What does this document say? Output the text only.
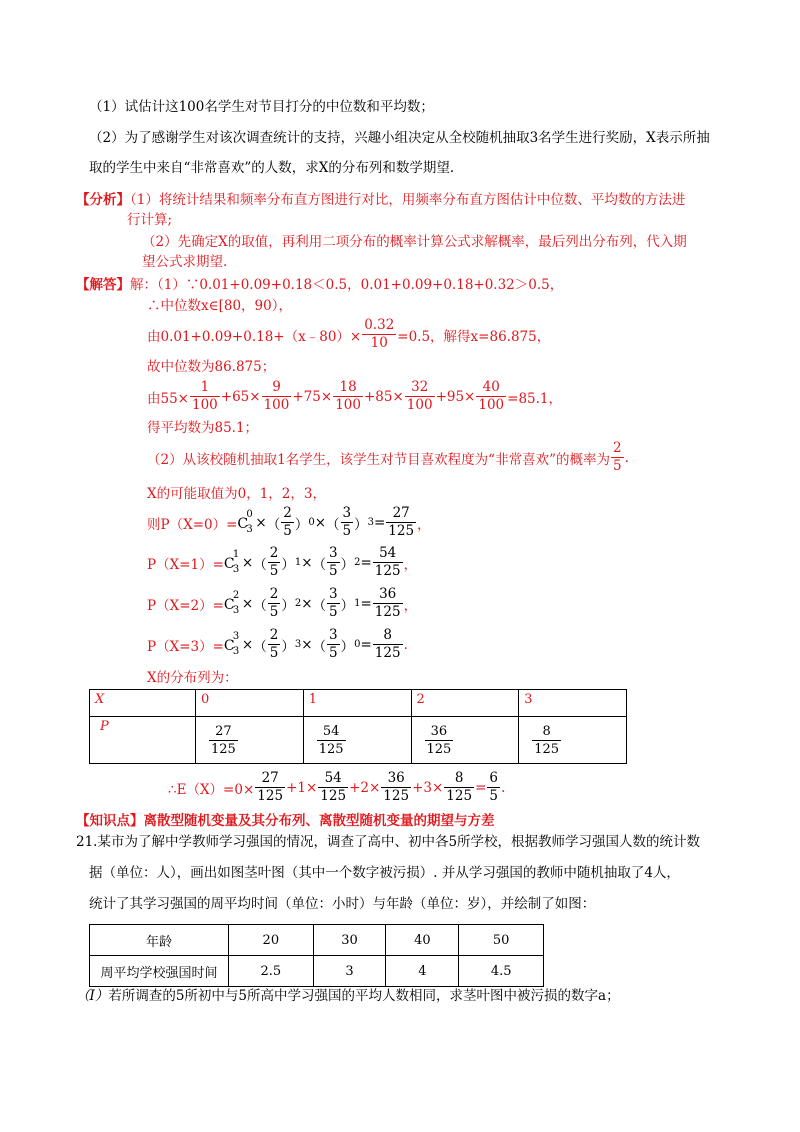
（1）试估计这100名学生对节目打分的中位数和平均数；
（2）为了感谢学生对该次调查统计的支持，兴趣小组决定从全校随机抽取3名学生进行奖励，X表示所抽
取的学生中来自“非常喜欢”的人数，求X的分布列和数学期望.
【分析】（1）将统计结果和频率分布直方图进行对比，用频率分布直方图估计中位数、平均数的方法进
行计算;
（2）先确定X的取值，再利用二项分布的概率计算公式求解概率，最后列出分布列，代入期
望公式求期望.
【解答】解：（1）∵0.01+0.09+0.18＜0.5，0.01+0.09+0.18+0.32＞0.5，
∴中位数x∈[80，90），
由0.01+0.09+0.18+（x﹣80）× $\frac{0.32}{10} =0.5$，解得x=86.875，
故中位数为86.875；
由$55\times \frac{1}{100} +65\times \frac{9}{100} +75\times \frac{18}{100} +85\times \frac{32}{100} +95\times \frac{40}{100} =85.1$，
得平均数为85.1；
（2）从该校随机抽取1名学生，该学生对节目喜欢程度为“非常喜欢”的概率为 $\frac{2}{5}$ .
X的可能取值为0，1，2，3，
则P（X=0）= C
0
3 × （ $\frac{2}{5}$ ） 0 × （ $\frac{3}{5}$ ） $3 = \frac{27}{125}$ ，
P（X=1）= C
1
3 × （ $\frac{2}{5}$ ） 1 × （ $\frac{3}{5}$ ） $2 = \frac{54}{125}$ ，
P（X=2）= C
2
3 × （ $\frac{2}{5}$ ） 2 × （ $\frac{3}{5}$ ） $1 = \frac{36}{125}$ ，
P（X=3）= C
3
3 × （ $\frac{2}{5}$ ） 3 × （ $\frac{3}{5}$ ） $0 = \frac{8}{125}$ .
X的分布列为：
X	0	1	2	3
P	$\frac{27}{125}$	$\frac{54}{125}$	$\frac{36}{125}$	$\frac{8}{125}$
∴E（X）=0× $\frac{27}{125} +1\times \frac{54}{125} +2\times \frac{36}{125} +3\times \frac{8}{125} = \frac{6}{5}$ .
【知识点】离散型随机变量及其分布列、离散型随机变量的期望与方差
21.某市为了解中学教师学习强国的情况，调查了高中、初中各5所学校，根据教师学习强国人数的统计数
据（单位：人），画出如图茎叶图（其中一个数字被污损）. 并从学习强国的教师中随机抽取了4人，
统计了其学习强国的周平均时间（单位：小时）与年龄（单位：岁），并绘制了如图：
年龄	20	30	40	50
周平均学校强国时间	2.5	3	4	4.5
（I）若所调查的5所初中与5所高中学习强国的平均人数相同，求茎叶图中被污损的数字a；
